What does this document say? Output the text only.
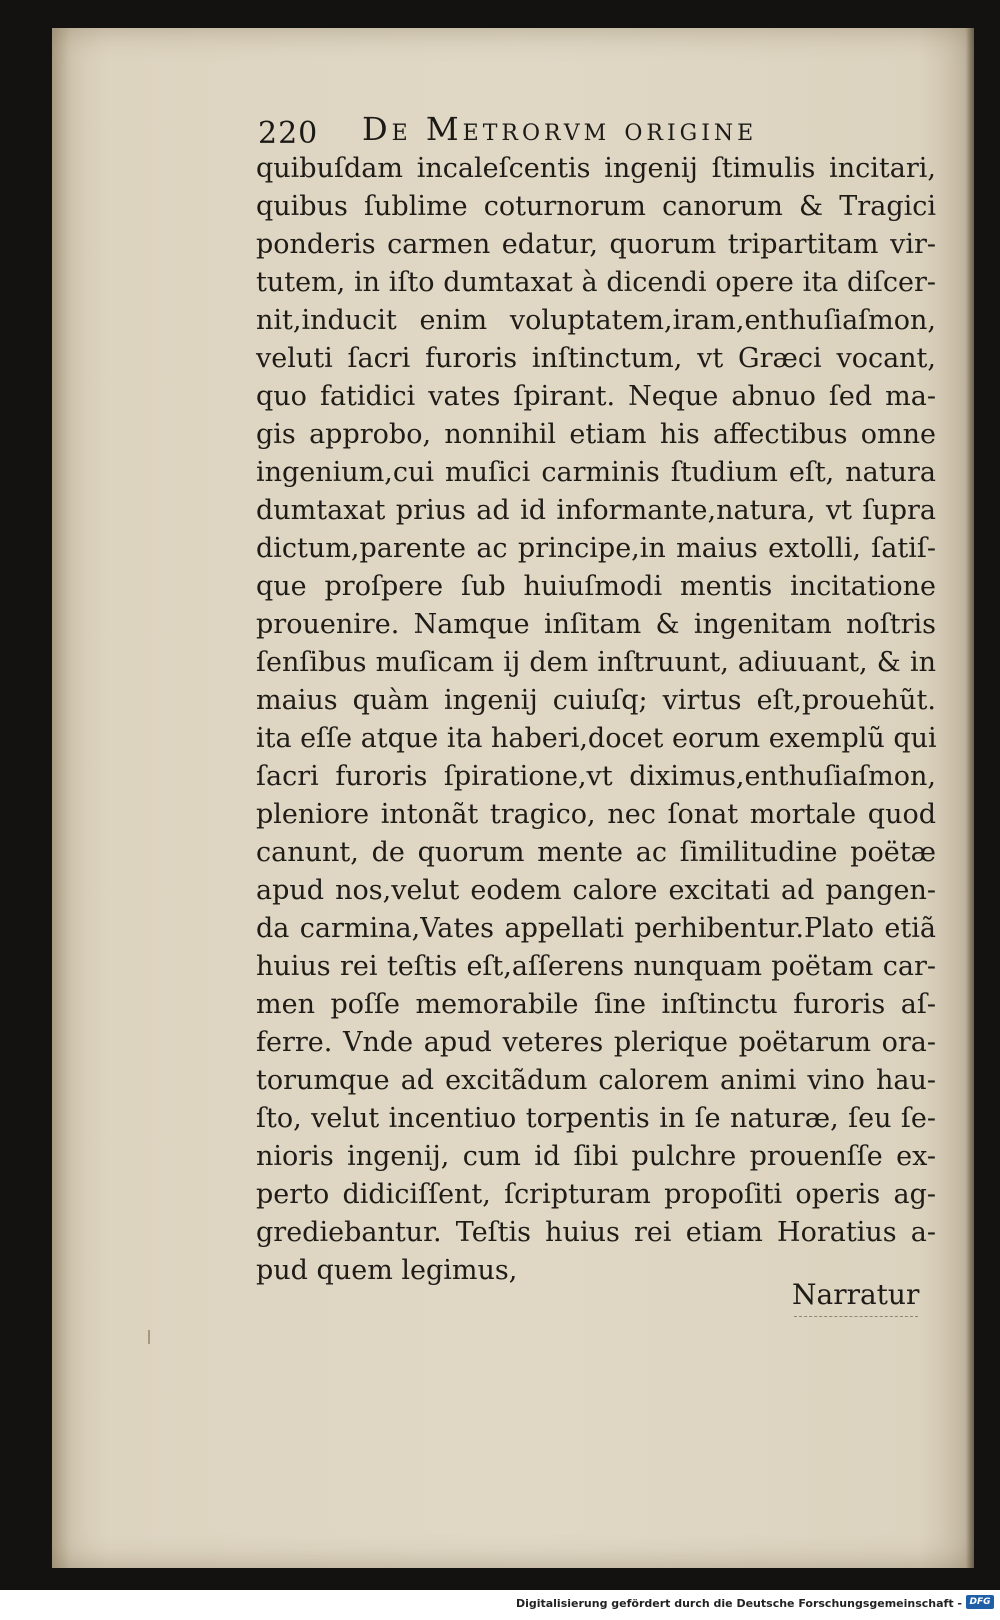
220 De Metrorvm origine
quibuſdam incaleſcentis ingenij ſtimulis incitari,
quibus ſublime coturnorum canorum & Tragici
ponderis carmen edatur, quorum tripartitam vir-
tutem, in iſto dumtaxat à dicendi opere ita diſcer-
nit,inducit enim voluptatem,iram,enthuſiaſmon,
veluti ſacri furoris inſtinctum, vt Græci vocant,
quo fatidici vates ſpirant. Neque abnuo ſed ma-
gis approbo, nonnihil etiam his affectibus omne
ingenium,cui muſici carminis ſtudium eſt, natura
dumtaxat prius ad id informante,natura, vt ſupra
dictum,parente ac principe,in maius extolli, ſatiſ-
que proſpere ſub huiuſmodi mentis incitatione
prouenire. Namque inſitam & ingenitam noſtris
ſenſibus muſicam ij dem inſtruunt, adiuuant, & in
maius quàm ingenij cuiuſq; virtus eſt,prouehũt.
ita eſſe atque ita haberi,docet eorum exemplũ qui
ſacri furoris ſpiratione,vt diximus,enthuſiaſmon,
pleniore intonãt tragico, nec ſonat mortale quod
canunt, de quorum mente ac ſimilitudine poëtæ
apud nos,velut eodem calore excitati ad pangen-
da carmina,Vates appellati perhibentur.Plato etiã
huius rei teſtis eſt,aſſerens nunquam poëtam car-
men poſſe memorabile ſine inſtinctu furoris aſ-
ferre. Vnde apud veteres plerique poëtarum ora-
torumque ad excitãdum calorem animi vino hau-
ſto, velut incentiuo torpentis in ſe naturæ, ſeu ſe-
nioris ingenij, cum id ſibi pulchre prouenſſe ex-
perto didiciſſent, ſcripturam propoſiti operis ag-
grediebantur. Teſtis huius rei etiam Horatius a-
pud quem legimus,
Narratur
Digitalisierung gefördert durch die Deutsche Forschungsgemeinschaft - DFG
